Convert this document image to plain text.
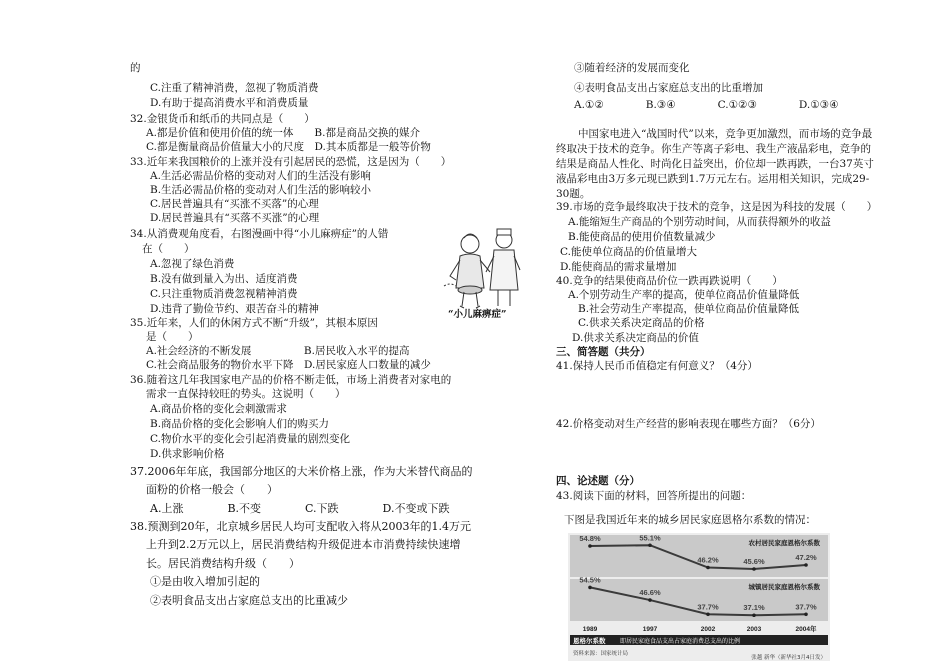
的
C.注重了精神消费，忽视了物质消费
D.有助于提高消费水平和消费质量
32.金银货币和纸币的共同点是（　　）
A.都是价值和使用价值的统一体　　B.都是商品交换的媒介
C.都是衡量商品价值量大小的尺度　D.其本质都是一般等价物
33.近年来我国粮价的上涨并没有引起居民的恐慌，这是因为（　　）
A.生活必需品价格的变动对人们的生活没有影响
B.生活必需品价格的变动对人们生活的影响较小
C.居民普遍具有“买涨不买落”的心理
D.居民普遍具有“买落不买涨”的心理
34.从消费观角度看，右图漫画中得“小儿麻痹症”的人错
在（　　）
A.忽视了绿色消费
B.没有做到量入为出、适度消费
C.只注重物质消费忽视精神消费
D.违背了勤俭节约、艰苦奋斗的精神
35.近年来，人们的休闲方式不断“升级”，其根本原因
是（　　）
A.社会经济的不断发展　　　　　B.居民收入水平的提高
C.社会商品服务的物价水平下降　D.居民家庭人口数量的减少
36.随着这几年我国家电产品的价格不断走低，市场上消费者对家电的
需求一直保持较旺的势头。这说明（　　）
A.商品价格的变化会刺激需求
B.商品价格的变化会影响人们的购买力
C.物价水平的变化会引起消费量的剧烈变化
D.供求影响价格
37.2006年年底，我国部分地区的大米价格上涨，作为大米替代商品的
面粉的价格一般会（　　）
A.上涨　　　　B.不变　　　　C.下跌　　　　D.不变或下跌
38.预测到20年，北京城乡居民人均可支配收入将从2003年的1.4万元
上升到2.2万元以上，居民消费结构升级促进本市消费持续快速增
长。居民消费结构升级（　　）
①是由收入增加引起的
②表明食品支出占家庭总支出的比重减少
“小儿麻痹症”
③随着经济的发展而变化
④表明食品支出占家庭总支出的比重增加
A.①②　　　　B.③④　　　　C.①②③　　　　D.①③④
中国家电进入“战国时代”以来，竞争更加激烈，而市场的竞争最
终取决于技术的竞争。你生产等离子彩电、我生产液晶彩电，竞争的
结果是商品人性化、时尚化日益突出，价位却一跌再跌，一台37英寸
液晶彩电由3万多元现已跌到1.7万元左右。运用相关知识，完成29-
30题。
39.市场的竞争最终取决于技术的竞争，这是因为科技的发展（　　）
A.能缩短生产商品的个别劳动时间，从而获得额外的收益
B.能使商品的使用价值数量减少
C.能使单位商品的价值量增大
D.能使商品的需求量增加
40.竞争的结果使商品价位一跌再跌说明（　　）
A.个别劳动生产率的提高，使单位商品价值量降低
B.社会劳动生产率提高，使单位商品价值量降低
C.供求关系决定商品的价格
D.供求关系决定商品的价值
三、简答题（共分）
41.保持人民币币值稳定有何意义？（4分）
42.价格变动对生产经营的影响表现在哪些方面？（6分）
四、论述题（分）
43.阅读下面的材料，回答所提出的问题：
下图是我国近年来的城乡居民家庭恩格尔系数的情况：
54.8%
54.5%
1989
55.1%
46.6%
1997
46.2%
37.7%
2002
45.6%
37.1%
2003
47.2%
37.7%
2004年
农村居民家庭恩格尔系数
城镇居民家庭恩格尔系数
恩格尔系数 即居民家庭食品支出占家庭消费总支出的比例
资料来源：国家统计局
张越 新华（新华社3月4日发）
